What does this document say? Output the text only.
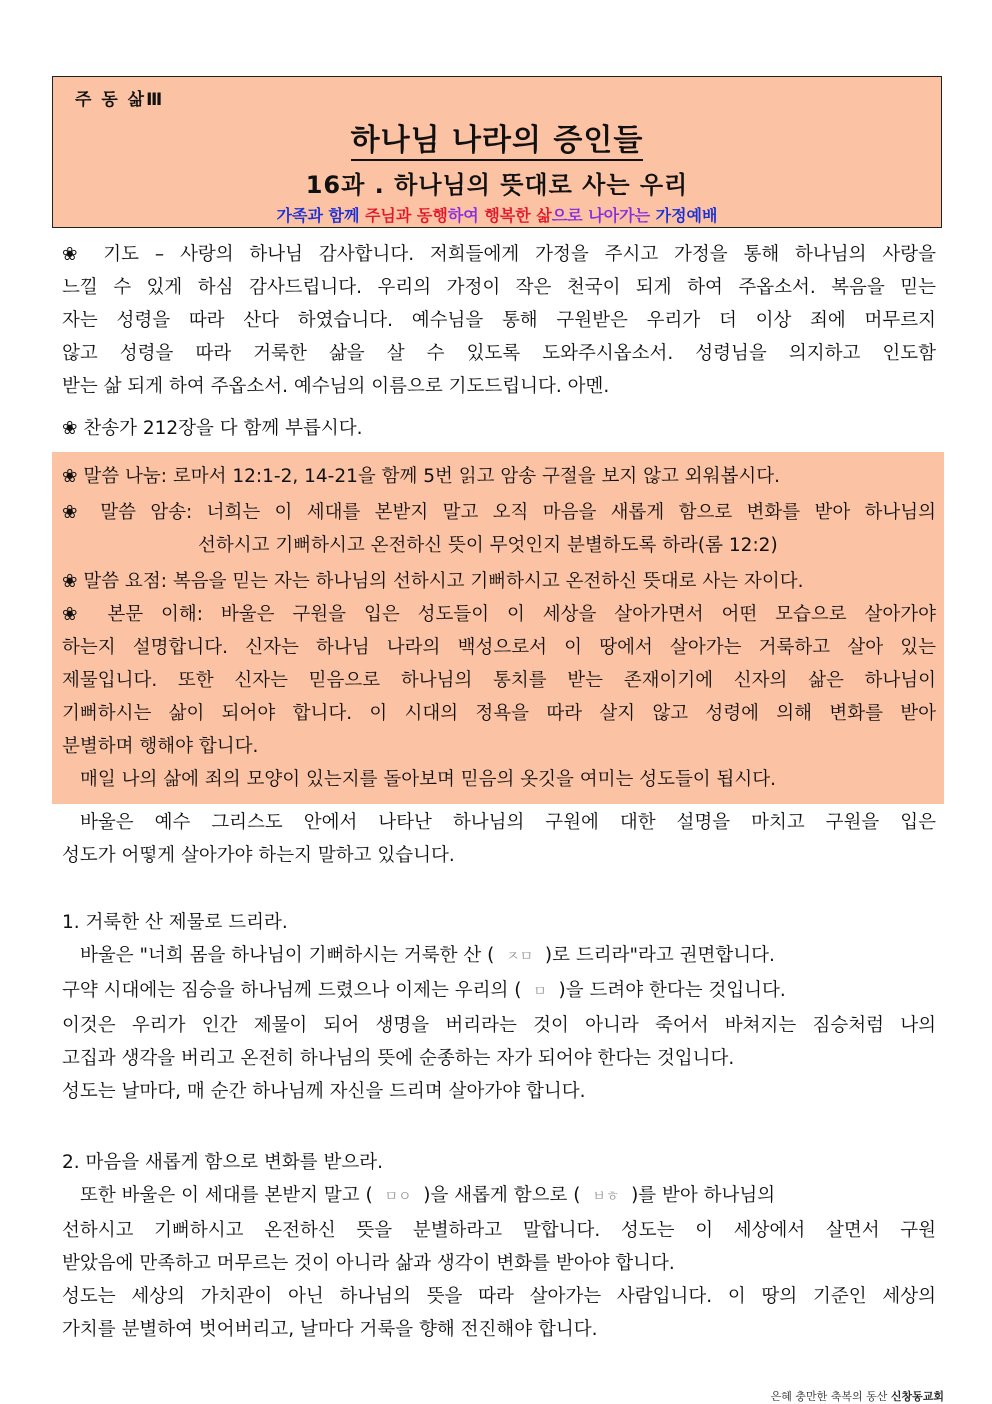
주 동 삶Ⅲ
하나님 나라의 증인들
16과 . 하나님의 뜻대로 사는 우리
가족과 함께 주님과 동행하여 행복한 삶으로 나아가는 가정예배
❀ 기도 – 사랑의 하나님 감사합니다. 저희들에게 가정을 주시고 가정을 통해 하나님의 사랑을
느낄 수 있게 하심 감사드립니다. 우리의 가정이 작은 천국이 되게 하여 주옵소서. 복음을 믿는
자는 성령을 따라 산다 하였습니다. 예수님을 통해 구원받은 우리가 더 이상 죄에 머무르지
않고 성령을 따라 거룩한 삶을 살 수 있도록 도와주시옵소서. 성령님을 의지하고 인도함
받는 삶 되게 하여 주옵소서. 예수님의 이름으로 기도드립니다. 아멘.
❀ 찬송가 212장을 다 함께 부릅시다.
❀ 말씀 나눔: 로마서 12:1-2, 14-21을 함께 5번 읽고 암송 구절을 보지 않고 외워봅시다.
❀ 말씀 암송: 너희는 이 세대를 본받지 말고 오직 마음을 새롭게 함으로 변화를 받아 하나님의
선하시고 기뻐하시고 온전하신 뜻이 무엇인지 분별하도록 하라(롬 12:2)
❀ 말씀 요점: 복음을 믿는 자는 하나님의 선하시고 기뻐하시고 온전하신 뜻대로 사는 자이다.
❀ 본문 이해: 바울은 구원을 입은 성도들이 이 세상을 살아가면서 어떤 모습으로 살아가야
하는지 설명합니다. 신자는 하나님 나라의 백성으로서 이 땅에서 살아가는 거룩하고 살아 있는
제물입니다. 또한 신자는 믿음으로 하나님의 통치를 받는 존재이기에 신자의 삶은 하나님이
기뻐하시는 삶이 되어야 합니다. 이 시대의 정욕을 따라 살지 않고 성령에 의해 변화를 받아
분별하며 행해야 합니다.
매일 나의 삶에 죄의 모양이 있는지를 돌아보며 믿음의 옷깃을 여미는 성도들이 됩시다.
바울은 예수 그리스도 안에서 나타난 하나님의 구원에 대한 설명을 마치고 구원을 입은
성도가 어떻게 살아가야 하는지 말하고 있습니다.
1. 거룩한 산 제물로 드리라.
바울은 "너희 몸을 하나님이 기뻐하시는 거룩한 산 ( ㅈㅁ )로 드리라"라고 권면합니다.
구약 시대에는 짐승을 하나님께 드렸으나 이제는 우리의 ( ㅁ )을 드려야 한다는 것입니다.
이것은 우리가 인간 제물이 되어 생명을 버리라는 것이 아니라 죽어서 바쳐지는 짐승처럼 나의
고집과 생각을 버리고 온전히 하나님의 뜻에 순종하는 자가 되어야 한다는 것입니다.
성도는 날마다, 매 순간 하나님께 자신을 드리며 살아가야 합니다.
2. 마음을 새롭게 함으로 변화를 받으라.
또한 바울은 이 세대를 본받지 말고 ( ㅁㅇ )을 새롭게 함으로 ( ㅂㅎ )를 받아 하나님의
선하시고 기뻐하시고 온전하신 뜻을 분별하라고 말합니다. 성도는 이 세상에서 살면서 구원
받았음에 만족하고 머무르는 것이 아니라 삶과 생각이 변화를 받아야 합니다.
성도는 세상의 가치관이 아닌 하나님의 뜻을 따라 살아가는 사람입니다. 이 땅의 기준인 세상의
가치를 분별하여 벗어버리고, 날마다 거룩을 향해 전진해야 합니다.
은혜 충만한 축복의 동산 신창동교회
